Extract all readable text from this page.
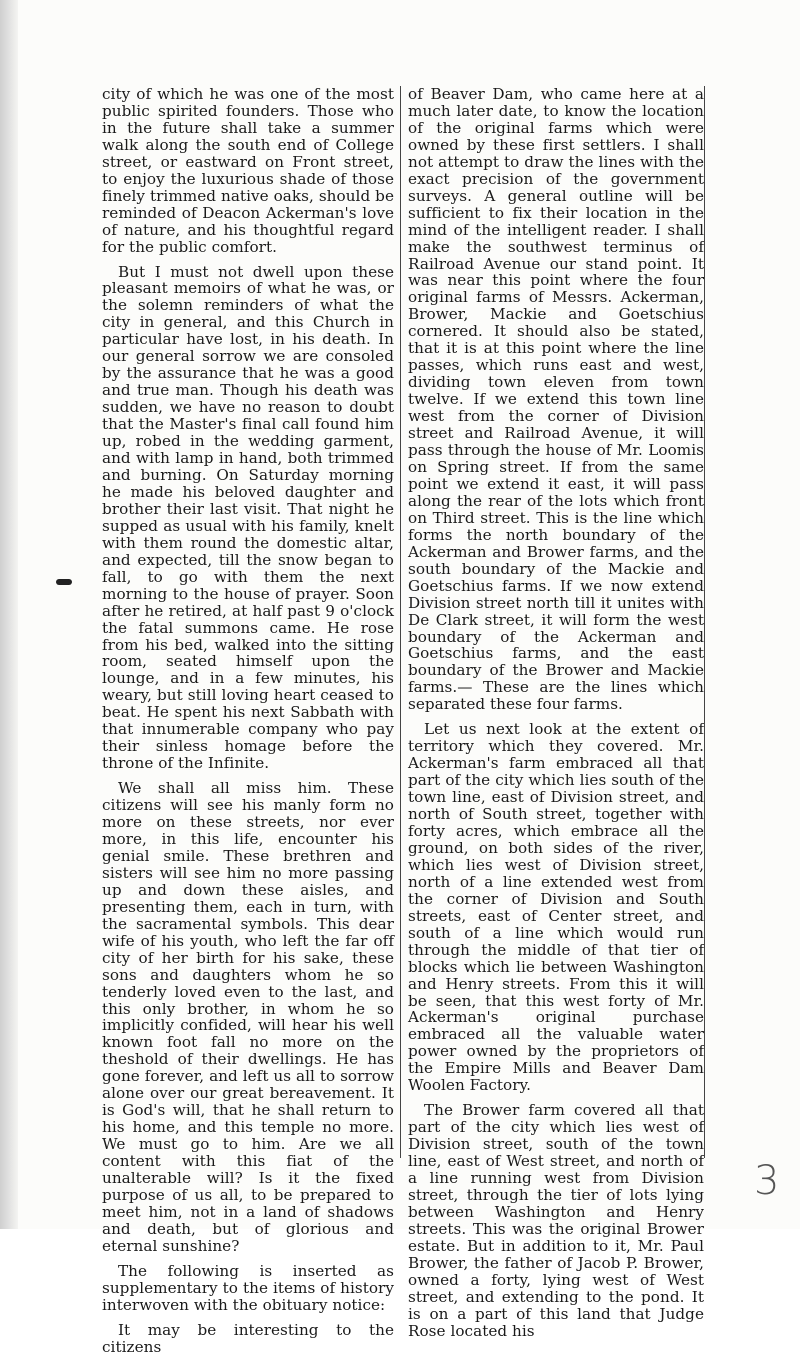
city of which he was one of the most public spirited founders. Those who in the future shall take a summer walk along the south end of College street, or eastward on Front street, to enjoy the luxurious shade of those finely trimmed native oaks, should be reminded of Deacon Ackerman's love of nature, and his thoughtful regard for the public comfort.

But I must not dwell upon these pleasant memoirs of what he was, or the solemn reminders of what the city in general, and this Church in particular have lost, in his death. In our general sorrow we are consoled by the assurance that he was a good and true man. Though his death was sudden, we have no reason to doubt that the Master's final call found him up, robed in the wedding garment, and with lamp in hand, both trimmed and burning. On Saturday morning he made his beloved daughter and brother their last visit. That night he supped as usual with his family, knelt with them round the domestic altar, and expected, till the snow began to fall, to go with them the next morning to the house of prayer. Soon after he retired, at half past 9 o'clock the fatal summons came. He rose from his bed, walked into the sitting room, seated himself upon the lounge, and in a few minutes, his weary, but still loving heart ceased to beat. He spent his next Sabbath with that innumerable company who pay their sinless homage before the throne of the Infinite.

We shall all miss him. These citizens will see his manly form no more on these streets, nor ever more, in this life, encounter his genial smile. These brethren and sisters will see him no more passing up and down these aisles, and presenting them, each in turn, with the sacramental symbols. This dear wife of his youth, who left the far off city of her birth for his sake, these sons and daughters whom he so tenderly loved even to the last, and this only brother, in whom he so implicitly confided, will hear his well known foot fall no more on the theshold of their dwellings. He has gone forever, and left us all to sorrow alone over our great bereavement. It is God's will, that he shall return to his home, and this temple no more. We must go to him. Are we all content with this fiat of the unalterable will? Is it the fixed purpose of us all, to be prepared to meet him, not in a land of shadows and death, but of glorious and eternal sunshine?

The following is inserted as supplementary to the items of history interwoven with the obituary notice:

It may be interesting to the citizens

of Beaver Dam, who came here at a much later date, to know the location of the original farms which were owned by these first settlers. I shall not attempt to draw the lines with the exact precision of the government surveys. A general outline will be sufficient to fix their location in the mind of the intelligent reader. I shall make the southwest terminus of Railroad Avenue our stand point. It was near this point where the four original farms of Messrs. Ackerman, Brower, Mackie and Goetschius cornered. It should also be stated, that it is at this point where the line passes, which runs east and west, dividing town eleven from town twelve. If we extend this town line west from the corner of Division street and Railroad Avenue, it will pass through the house of Mr. Loomis on Spring street. If from the same point we extend it east, it will pass along the rear of the lots which front on Third street. This is the line which forms the north boundary of the Ackerman and Brower farms, and the south boundary of the Mackie and Goetschius farms. If we now extend Division street north till it unites with De Clark street, it will form the west boundary of the Ackerman and Goetschius farms, and the east boundary of the Brower and Mackie farms.— These are the lines which separated these four farms.

Let us next look at the extent of territory which they covered. Mr. Ackerman's farm embraced all that part of the city which lies south of the town line, east of Division street, and north of South street, together with forty acres, which embrace all the ground, on both sides of the river, which lies west of Division street, north of a line extended west from the corner of Division and South streets, east of Center street, and south of a line which would run through the middle of that tier of blocks which lie between Washington and Henry streets. From this it will be seen, that this west forty of Mr. Ackerman's original purchase embraced all the valuable water power owned by the proprietors of the Empire Mills and Beaver Dam Woolen Factory.

The Brower farm covered all that part of the city which lies west of Division street, south of the town line, east of West street, and north of a line running west from Division street, through the tier of lots lying between Washington and Henry streets. This was the original Brower estate. But in addition to it, Mr. Paul Brower, the father of Jacob P. Brower, owned a forty, lying west of West street, and extending to the pond. It is on a part of this land that Judge Rose located his

3
